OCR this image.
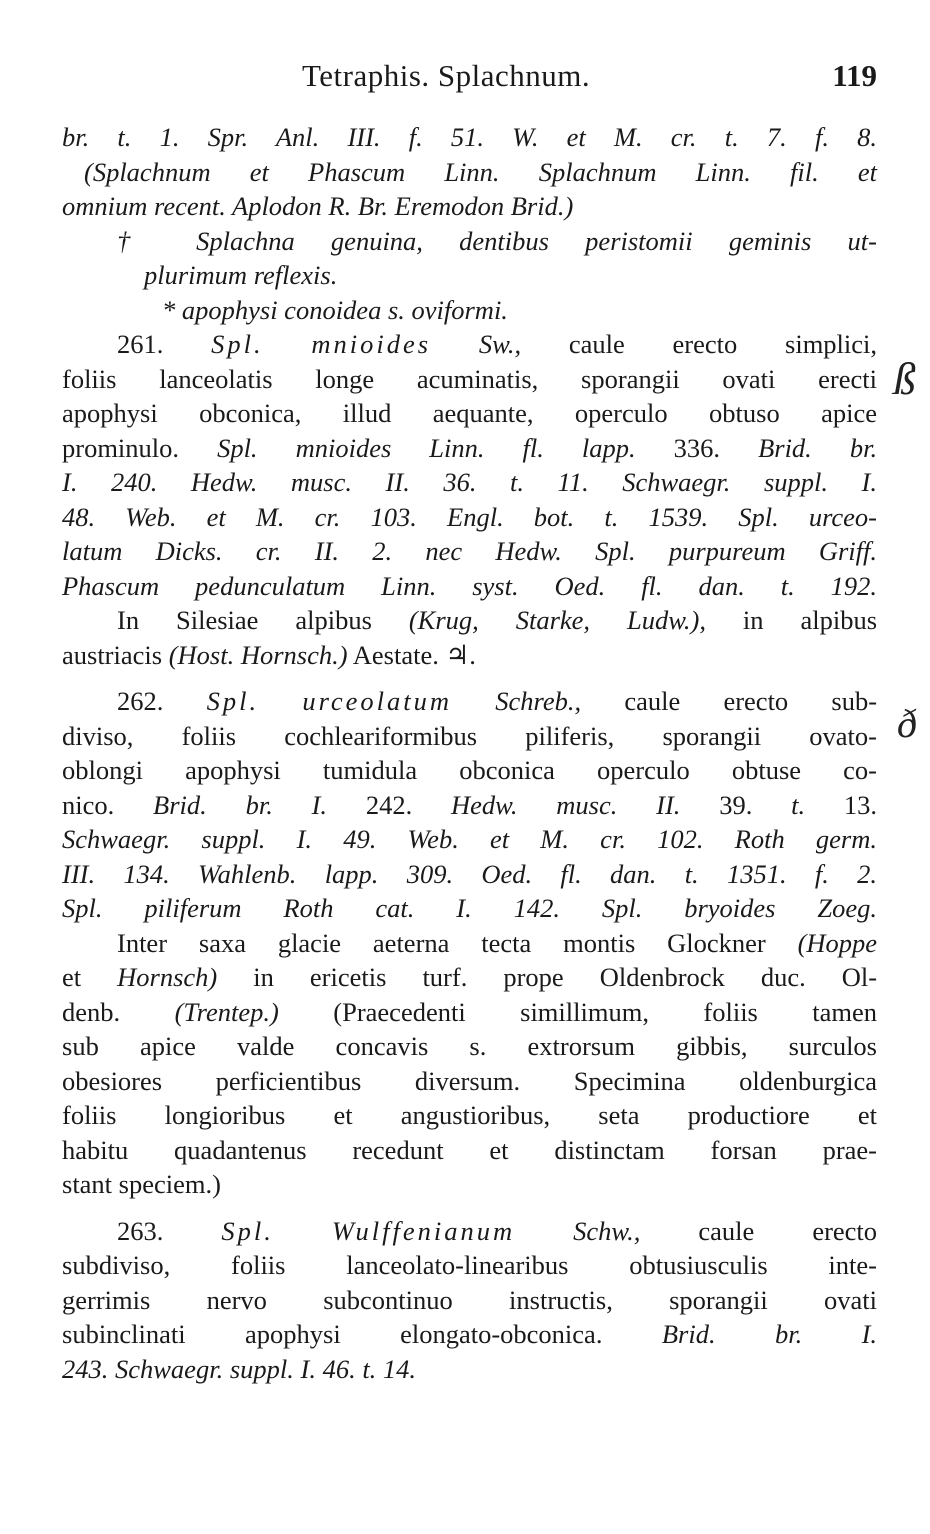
Tetraphis. Splachnum.	119
br. t. 1. Spr. Anl. III. f. 51. W. et M. cr. t. 7. f. 8.
(Splachnum et Phascum Linn. Splachnum Linn. fil. et
omnium recent. Aplodon R. Br. Eremodon Brid.)
† Splachna genuina, dentibus peristomii geminis ut-
plurimum reflexis.
* apophysi conoidea s. oviformi.
261. Spl. mnioides Sw., caule erecto simplici,
foliis lanceolatis longe acuminatis, sporangii ovati erecti
apophysi obconica, illud aequante, operculo obtuso apice
prominulo. Spl. mnioides Linn. fl. lapp. 336. Brid. br.
I. 240. Hedw. musc. II. 36. t. 11. Schwaegr. suppl. I.
48. Web. et M. cr. 103. Engl. bot. t. 1539. Spl. urceo-
latum Dicks. cr. II. 2. nec Hedw. Spl. purpureum Griff.
Phascum pedunculatum Linn. syst. Oed. fl. dan. t. 192.
In Silesiae alpibus (Krug, Starke, Ludw.), in alpibus
austriacis (Host. Hornsch.) Aestate. ♃.
262. Spl. urceolatum Schreb., caule erecto sub-
diviso, foliis cochleariformibus piliferis, sporangii ovato-
oblongi apophysi tumidula obconica operculo obtuse co-
nico. Brid. br. I. 242. Hedw. musc. II. 39. t. 13.
Schwaegr. suppl. I. 49. Web. et M. cr. 102. Roth germ.
III. 134. Wahlenb. lapp. 309. Oed. fl. dan. t. 1351. f. 2.
Spl. piliferum Roth cat. I. 142. Spl. bryoides Zoeg.
Inter saxa glacie aeterna tecta montis Glockner (Hoppe
et Hornsch) in ericetis turf. prope Oldenbrock duc. Ol-
denb. (Trentep.) (Praecedenti simillimum, foliis tamen
sub apice valde concavis s. extrorsum gibbis, surculos
obesiores perficientibus diversum. Specimina oldenburgica
foliis longioribus et angustioribus, seta productiore et
habitu quadantenus recedunt et distinctam forsan prae-
stant speciem.)
263. Spl. Wulffenianum Schw., caule erecto
subdiviso, foliis lanceolato-linearibus obtusiusculis inte-
gerrimis nervo subcontinuo instructis, sporangii ovati
subinclinati apophysi elongato-obconica. Brid. br. I.
243. Schwaegr. suppl. I. 46. t. 14.
ß
ð
